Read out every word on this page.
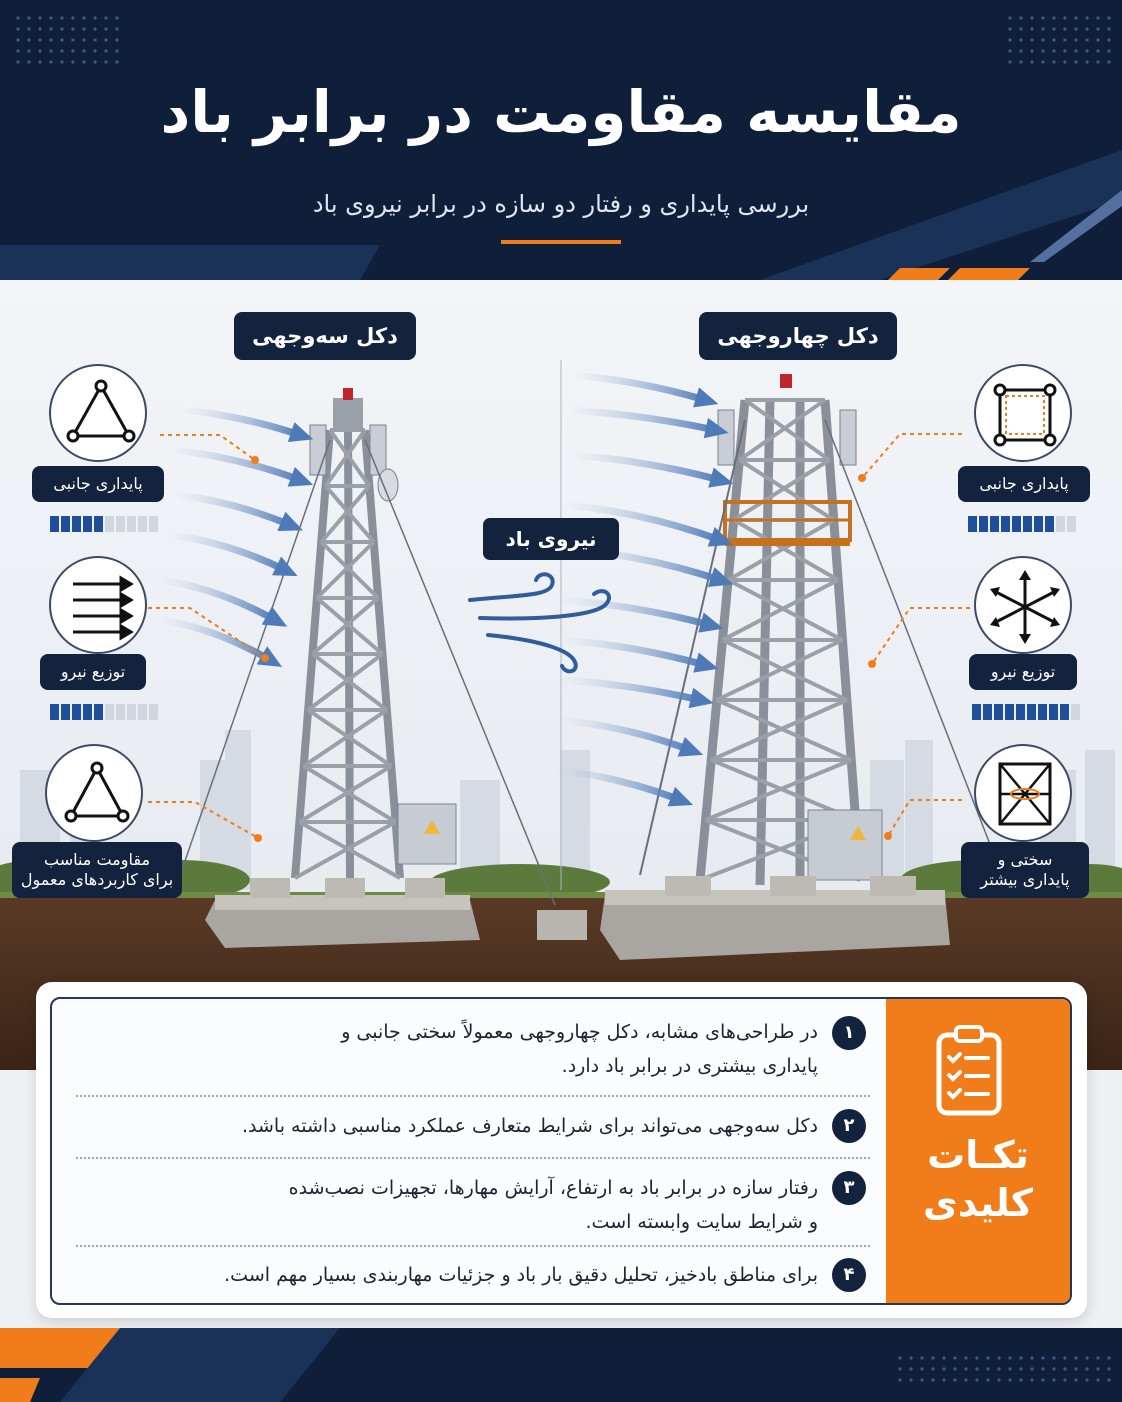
مقایسه مقاومت در برابر باد
بررسی پایداری و رفتار دو سازه در برابر نیروی باد
دکل سه‌وجهی	دکل چهاروجهی
پایداری جانبی
توزیع نیرو
مقاومت مناسب
برای کاربردهای معمول
پایداری جانبی
توزیع نیرو
سختی و
پایداری بیشتر
نیروی باد
تکـات
کلیدی
۱
در طراحی‌های مشابه، دکل چهاروجهی معمولاً سختی جانبی و
پایداری بیشتری در برابر باد دارد.
۲
دکل سه‌وجهی می‌تواند برای شرایط متعارف عملکرد مناسبی داشته باشد.
۳
رفتار سازه در برابر باد به ارتفاع، آرایش مهارها، تجهیزات نصب‌شده
و شرایط سایت وابسته است.
۴
برای مناطق بادخیز، تحلیل دقیق بار باد و جزئیات مهاربندی بسیار مهم است.
